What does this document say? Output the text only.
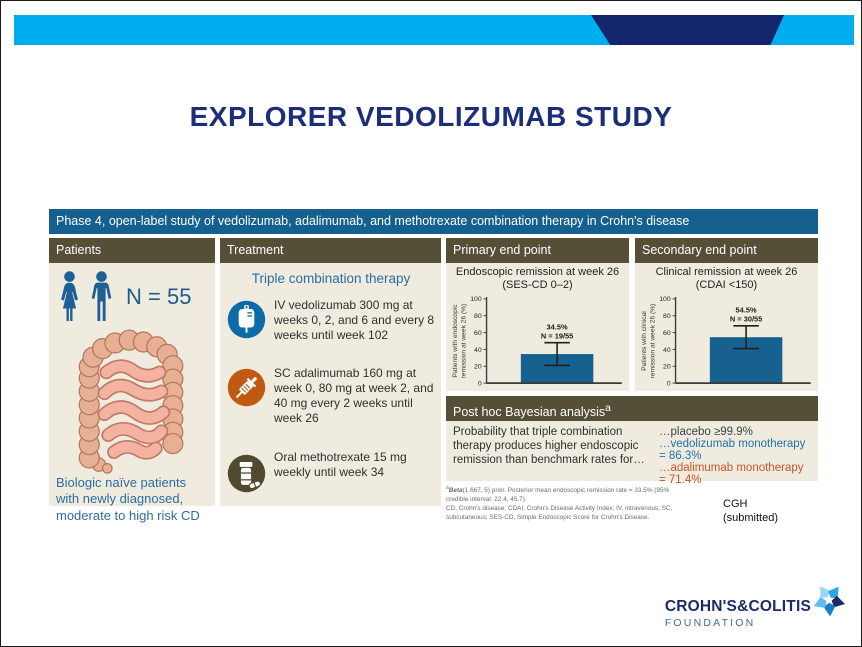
EXPLORER VEDOLIZUMAB STUDY
Phase 4, open-label study of vedolizumab, adalimumab, and methotrexate combination therapy in Crohn's disease
Patients
N = 55
Biologic naïve patients with newly diagnosed, moderate to high risk CD
Treatment
Triple combination therapy
IV vedolizumab 300 mg at weeks 0, 2, and 6 and every 8 weeks until week 102
SC adalimumab 160 mg at week 0, 80 mg at week 2, and 40 mg every 2 weeks until week 26
Oral methotrexate 15 mg weekly until week 34
Primary end point
Endoscopic remission at week 26
(SES-CD 0–2)
Patients with endoscopic remission at week 26 (%)
0
20
40
60
80
100
34.5%
N = 19/55
Secondary end point
Clinical remission at week 26
(CDAI <150)
Patients with clinical remission at week 26 (%)
0
20
40
60
80
100
54.5%
N = 30/55
Post hoc Bayesian analysis$^a$
Probability that triple combination therapy produces higher endoscopic remission than benchmark rates for…
…placebo ≥99.9%
…vedolizumab monotherapy = 86.3%
…adalimumab monotherapy = 71.4%

$^a$Beta(1.667, 5) prior. Posterior mean endoscopic remission rate = 33.5% (95% credible interval: 22.4, 45.7).

CD, Crohn's disease; CDAI, Crohn's Disease Activity Index; IV, intravenous; SC, subcutaneous; SES-CD, Simple Endoscopic Score for Crohn's Disease.

CGH
(submitted)
CROHN'S&COLITIS
FOUNDATION
